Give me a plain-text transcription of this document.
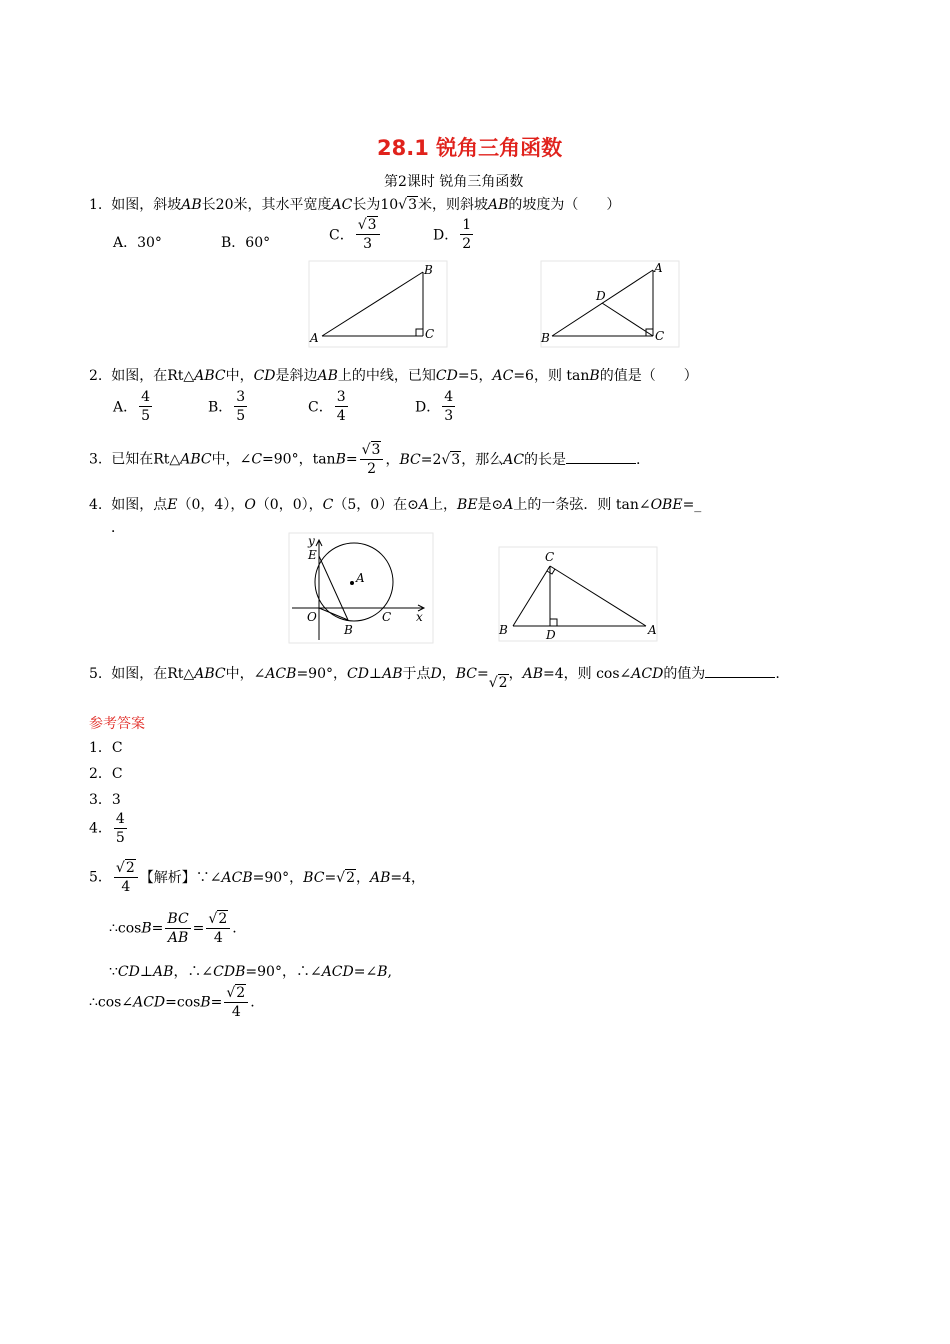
28.1 锐角三角函数
第2课时 锐角三角函数
1. 如图，斜坡AB长20米，其水平宽度AC长为10√3米，则斜坡AB的坡度为（　　）
A．30°	B．60°	C． $\frac{√3}{3}$	D． $\frac{1}{2}$
A
B
C
A
B	C
D
2. 如图，在Rt△ABC中，CD是斜边AB上的中线，已知CD=5，AC=6，则 tanB的值是（　　）
A． $\frac{4}{5}$	B． $\frac{3}{5}$	C． $\frac{3}{4}$	D． $\frac{4}{3}$
3. 已知在Rt△ABC中，∠C=90°，$\tan B= \frac{√3}{2}$ ，BC=2√3，那么AC的长是	.
4. 如图，点E（0，4），O（0，0），C（5，0）在⊙A上，BE是⊙A上的一条弦．则 tan∠OBE=_
．
y
E
A
O
B
C x
C
B	D	A
5. 如图，在Rt△ABC中，∠ACB=90°，CD⊥AB于点D，BC=√2，AB=4，则 cos∠ACD的值为	.
参考答案
1．C
2．C
3．3
4． $\frac{4}{5}$
5． $\frac{√2}{4}$ 【解析】∵∠ACB=90°，BC=√2，AB=4，
∴cosB= $\frac{BC}{AB} = \frac{√2}{4}$ .
∵CD⊥AB，∴∠CDB=90°，∴∠ACD=∠B,
∴cos∠ACD=cosB= $\frac{√2}{4}$ .
